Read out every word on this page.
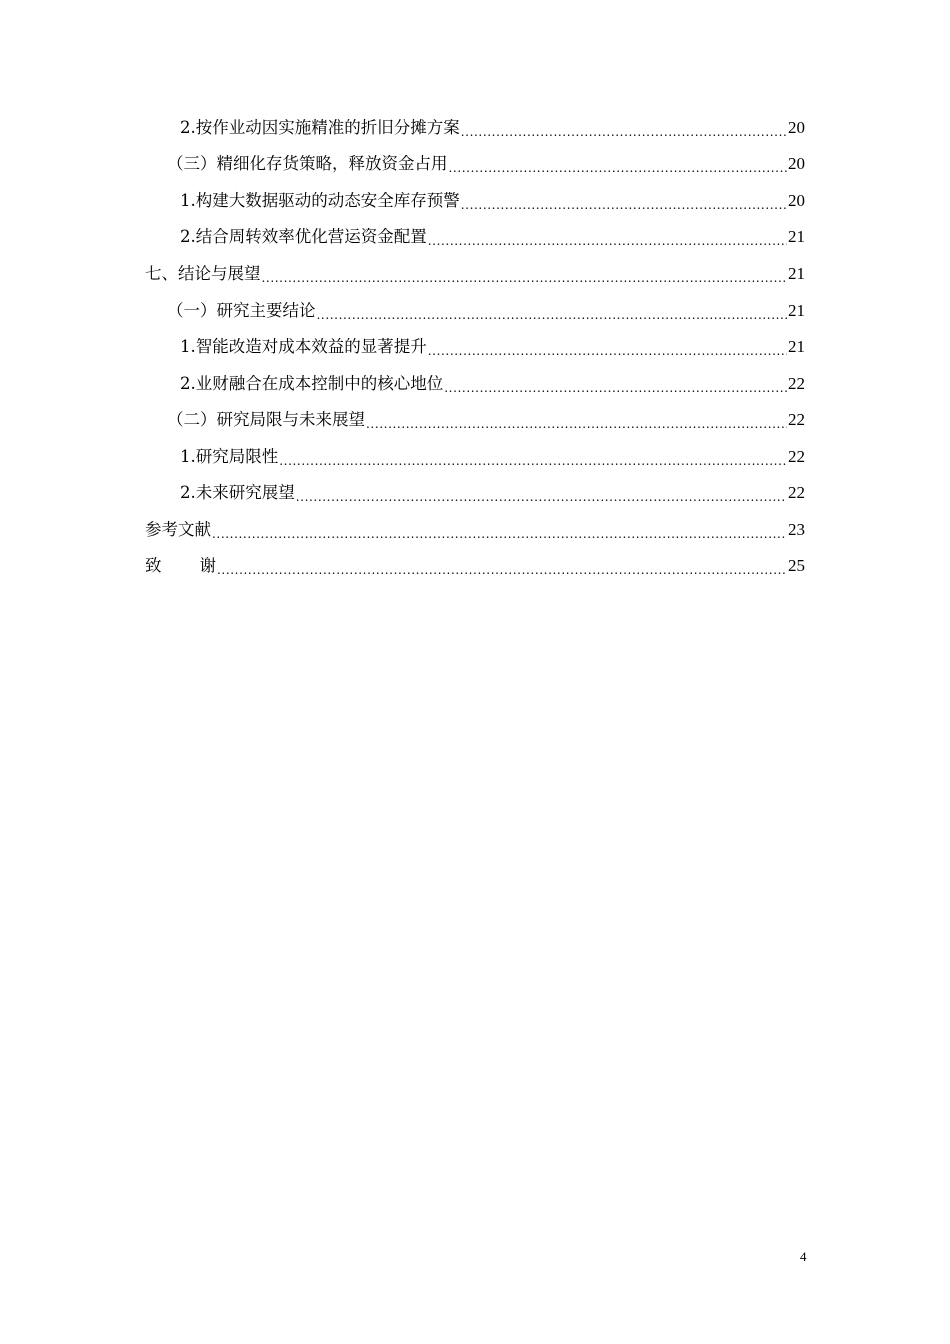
2.按作业动因实施精准的折旧分摊方案 .....	20
（三）精细化存货策略，释放资金占用 .....	20
1.构建大数据驱动的动态安全库存预警 .....	20
2.结合周转效率优化营运资金配置 .....	21
七、结论与展望 .....	21
（一）研究主要结论 .....	21
1.智能改造对成本效益的显著提升 .....	21
2.业财融合在成本控制中的核心地位 .....	22
（二）研究局限与未来展望 .....	22
1.研究局限性 .....	22
2.未来研究展望 .....	22
参考文献 .....	23
致 谢 .....	25
4
